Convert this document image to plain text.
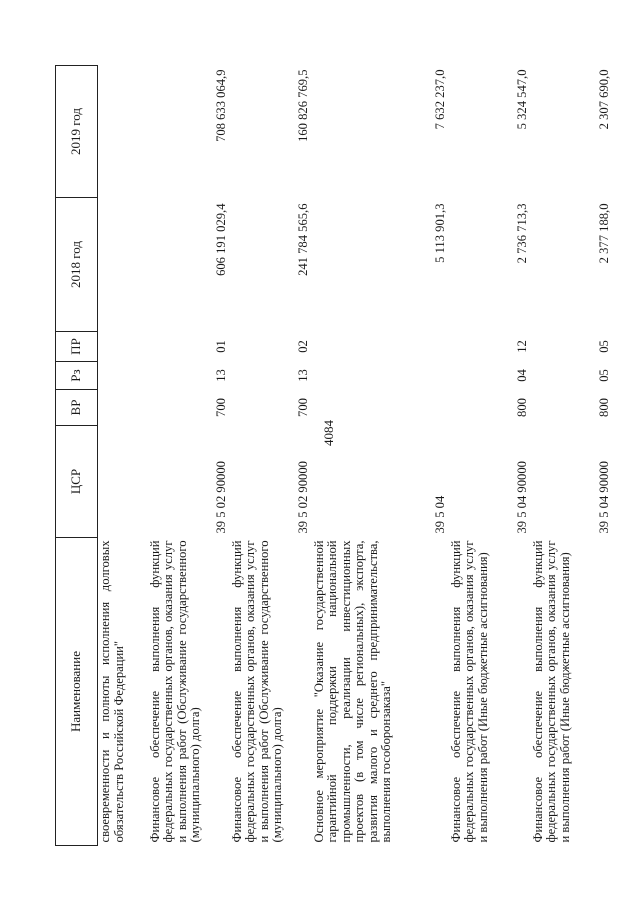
4084
Наименование	ЦСР	ВР	Рз	ПР	2018 год	2019 год
своевременности и полноты исполнения долговых обязательств Российской Федерации"						
Финансовое обеспечение выполнения функций федеральных государственных органов, оказания услуг и выполнения работ (Обслуживание государственного (муниципального) долга)	39 5 02 90000	700	13	01	606 191 029,4	708 633 064,9
Финансовое обеспечение выполнения функций федеральных государственных органов, оказания услуг и выполнения работ (Обслуживание государственного (муниципального) долга)	39 5 02 90000	700	13	02	241 784 565,6	160 826 769,5
Основное мероприятие "Оказание государственной гарантийной поддержки национальной промышленности, реализации инвестиционных проектов (в том числе региональных), экспорта, развития малого и среднего предпринимательства, выполнения гособоронзаказа"	39 5 04				5 113 901,3	7 632 237,0
Финансовое обеспечение выполнения функций федеральных государственных органов, оказания услуг и выполнения работ (Иные бюджетные ассигнования)	39 5 04 90000	800	04	12	2 736 713,3	5 324 547,0
Финансовое обеспечение выполнения функций федеральных государственных органов, оказания услуг и выполнения работ (Иные бюджетные ассигнования)	39 5 04 90000	800	05	05	2 377 188,0	2 307 690,0
